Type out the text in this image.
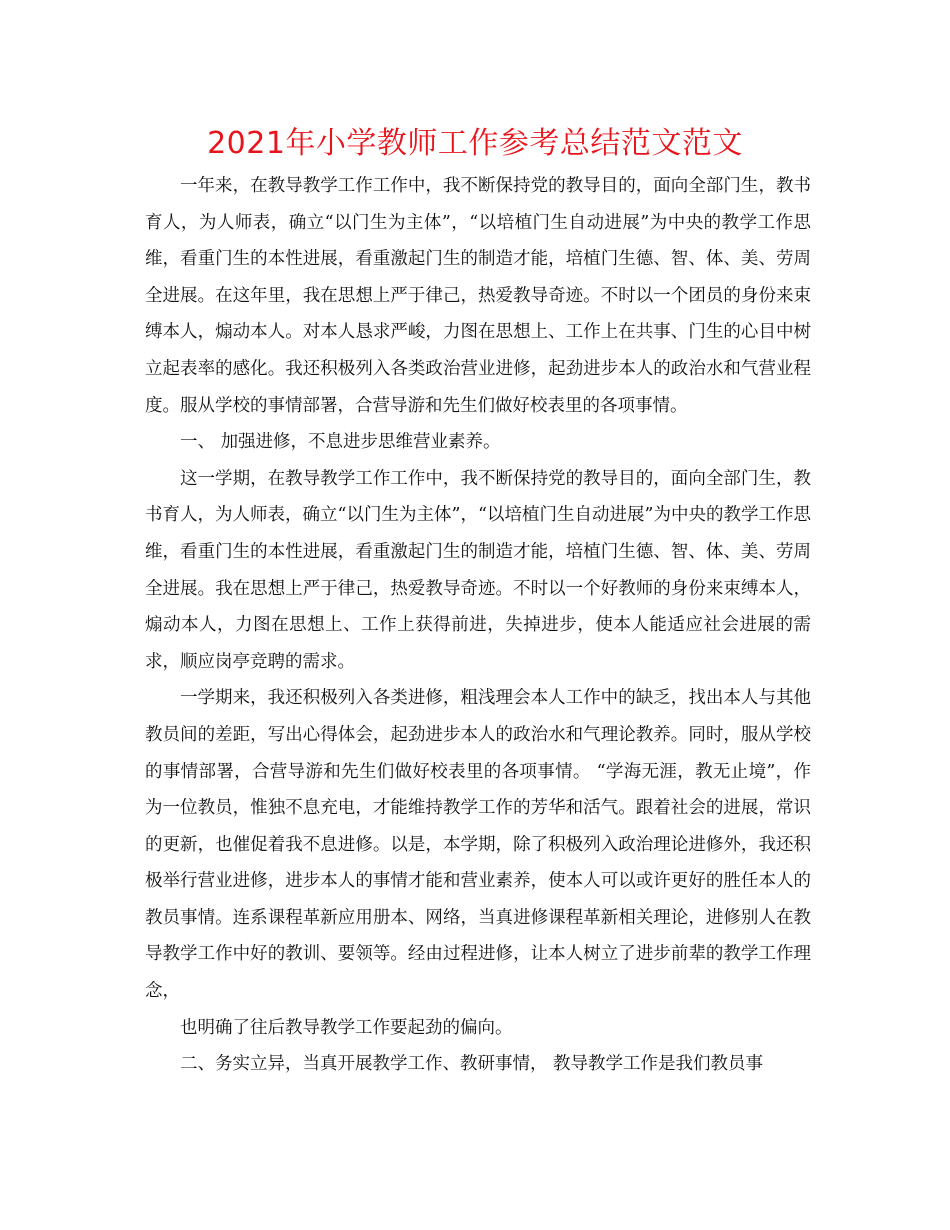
2021年小学教师工作参考总结范文范文

一年来，在教导教学工作工作中，我不断保持党的教导目的，面向全部门生，教书育人，为人师表，确立“以门生为主体”，“以培植门生自动进展”为中央的教学工作思维，看重门生的本性进展，看重激起门生的制造才能，培植门生德、智、体、美、劳周全进展。在这年里，我在思想上严于律己，热爱教导奇迹。不时以一个团员的身份来束缚本人，煽动本人。对本人恳求严峻，力图在思想上、工作上在共事、门生的心目中树立起表率的感化。我还积极列入各类政治营业进修，起劲进步本人的政治水和气营业程度。服从学校的事情部署，合营导游和先生们做好校表里的各项事情。

一、 加强进修，不息进步思维营业素养。

这一学期，在教导教学工作工作中，我不断保持党的教导目的，面向全部门生，教书育人，为人师表，确立“以门生为主体”，“以培植门生自动进展”为中央的教学工作思维，看重门生的本性进展，看重激起门生的制造才能，培植门生德、智、体、美、劳周全进展。我在思想上严于律己，热爱教导奇迹。不时以一个好教师的身份来束缚本人，煽动本人，力图在思想上、工作上获得前进，失掉进步，使本人能适应社会进展的需求，顺应岗亭竞聘的需求。

一学期来，我还积极列入各类进修，粗浅理会本人工作中的缺乏，找出本人与其他教员间的差距，写出心得体会，起劲进步本人的政治水和气理论教养。同时，服从学校的事情部署，合营导游和先生们做好校表里的各项事情。 “学海无涯，教无止境”，作为一位教员，惟独不息充电，才能维持教学工作的芳华和活气。跟着社会的进展，常识的更新，也催促着我不息进修。以是，本学期，除了积极列入政治理论进修外，我还积极举行营业进修，进步本人的事情才能和营业素养，使本人可以或许更好的胜任本人的教员事情。连系课程革新应用册本、网络，当真进修课程革新相关理论，进修别人在教导教学工作中好的教训、要领等。经由过程进修，让本人树立了进步前辈的教学工作理念，

也明确了往后教导教学工作要起劲的偏向。

二、务实立异，当真开展教学工作、教研事情， 教导教学工作是我们教员事
